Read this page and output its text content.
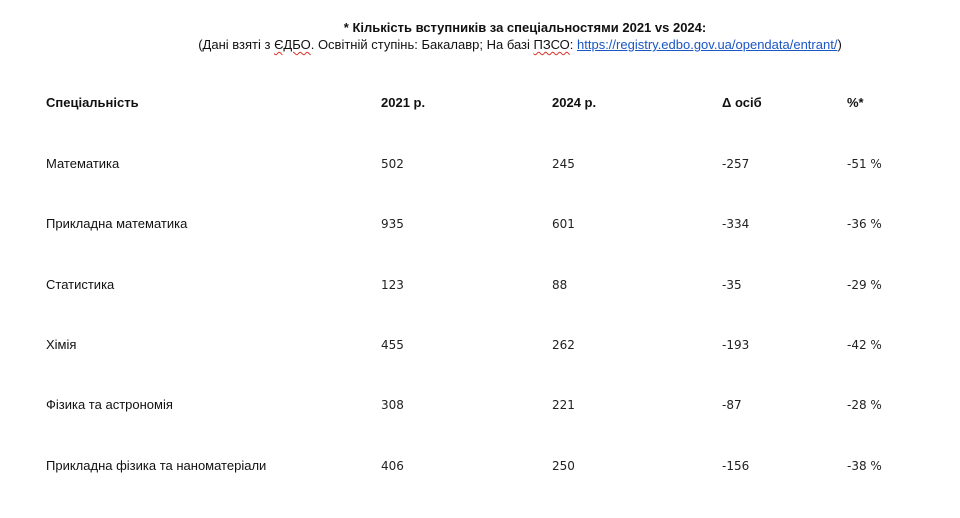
* Кількість вступників за спеціальностями 2021 vs 2024:
(Дані взяті з ЄДБО. Освітній ступінь: Бакалавр; На базі ПЗСО: https://registry.edbo.gov.ua/opendata/entrant/)
Спеціальність	2021 р.	2024 р.	Δ осіб	%*
Математика	502	245	-257	-51 %
Прикладна математика	935	601	-334	-36 %
Статистика	123	88	-35	-29 %
Хімія	455	262	-193	-42 %
Фізика та астрономія	308	221	-87	-28 %
Прикладна фізика та наноматеріали	406	250	-156	-38 %
